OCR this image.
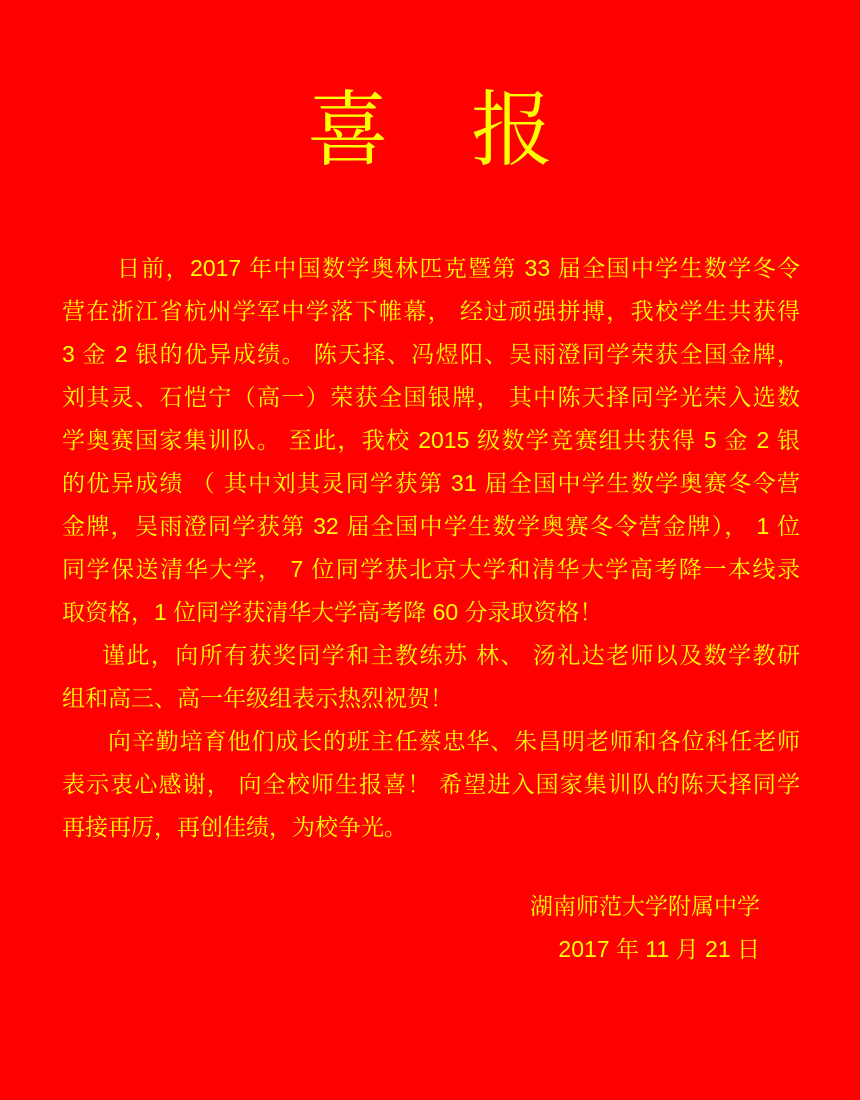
喜　报
日前，2017 年中国数学奥林匹克暨第 33 届全国中学生数学冬令
营在浙江省杭州学军中学落下帷幕， 经过顽强拼搏，我校学生共获得
3 金 2 银的优异成绩。 陈天择、冯煜阳、吴雨澄同学荣获全国金牌，
刘其灵、石恺宁（高一）荣获全国银牌， 其中陈天择同学光荣入选数
学奥赛国家集训队。 至此，我校 2015 级数学竞赛组共获得 5 金 2 银
的优异成绩 （ 其中刘其灵同学获第 31 届全国中学生数学奥赛冬令营
金牌，吴雨澄同学获第 32 届全国中学生数学奥赛冬令营金牌）， 1 位
同学保送清华大学， 7 位同学获北京大学和清华大学高考降一本线录
取资格，1 位同学获清华大学高考降 60 分录取资格！
谨此，向所有获奖同学和主教练苏 林、 汤礼达老师以及数学教研
组和高三、高一年级组表示热烈祝贺！
向辛勤培育他们成长的班主任蔡忠华、朱昌明老师和各位科任老师
表示衷心感谢， 向全校师生报喜！ 希望进入国家集训队的陈天择同学
再接再厉，再创佳绩，为校争光。
湖南师范大学附属中学
2017 年 11 月 21 日
